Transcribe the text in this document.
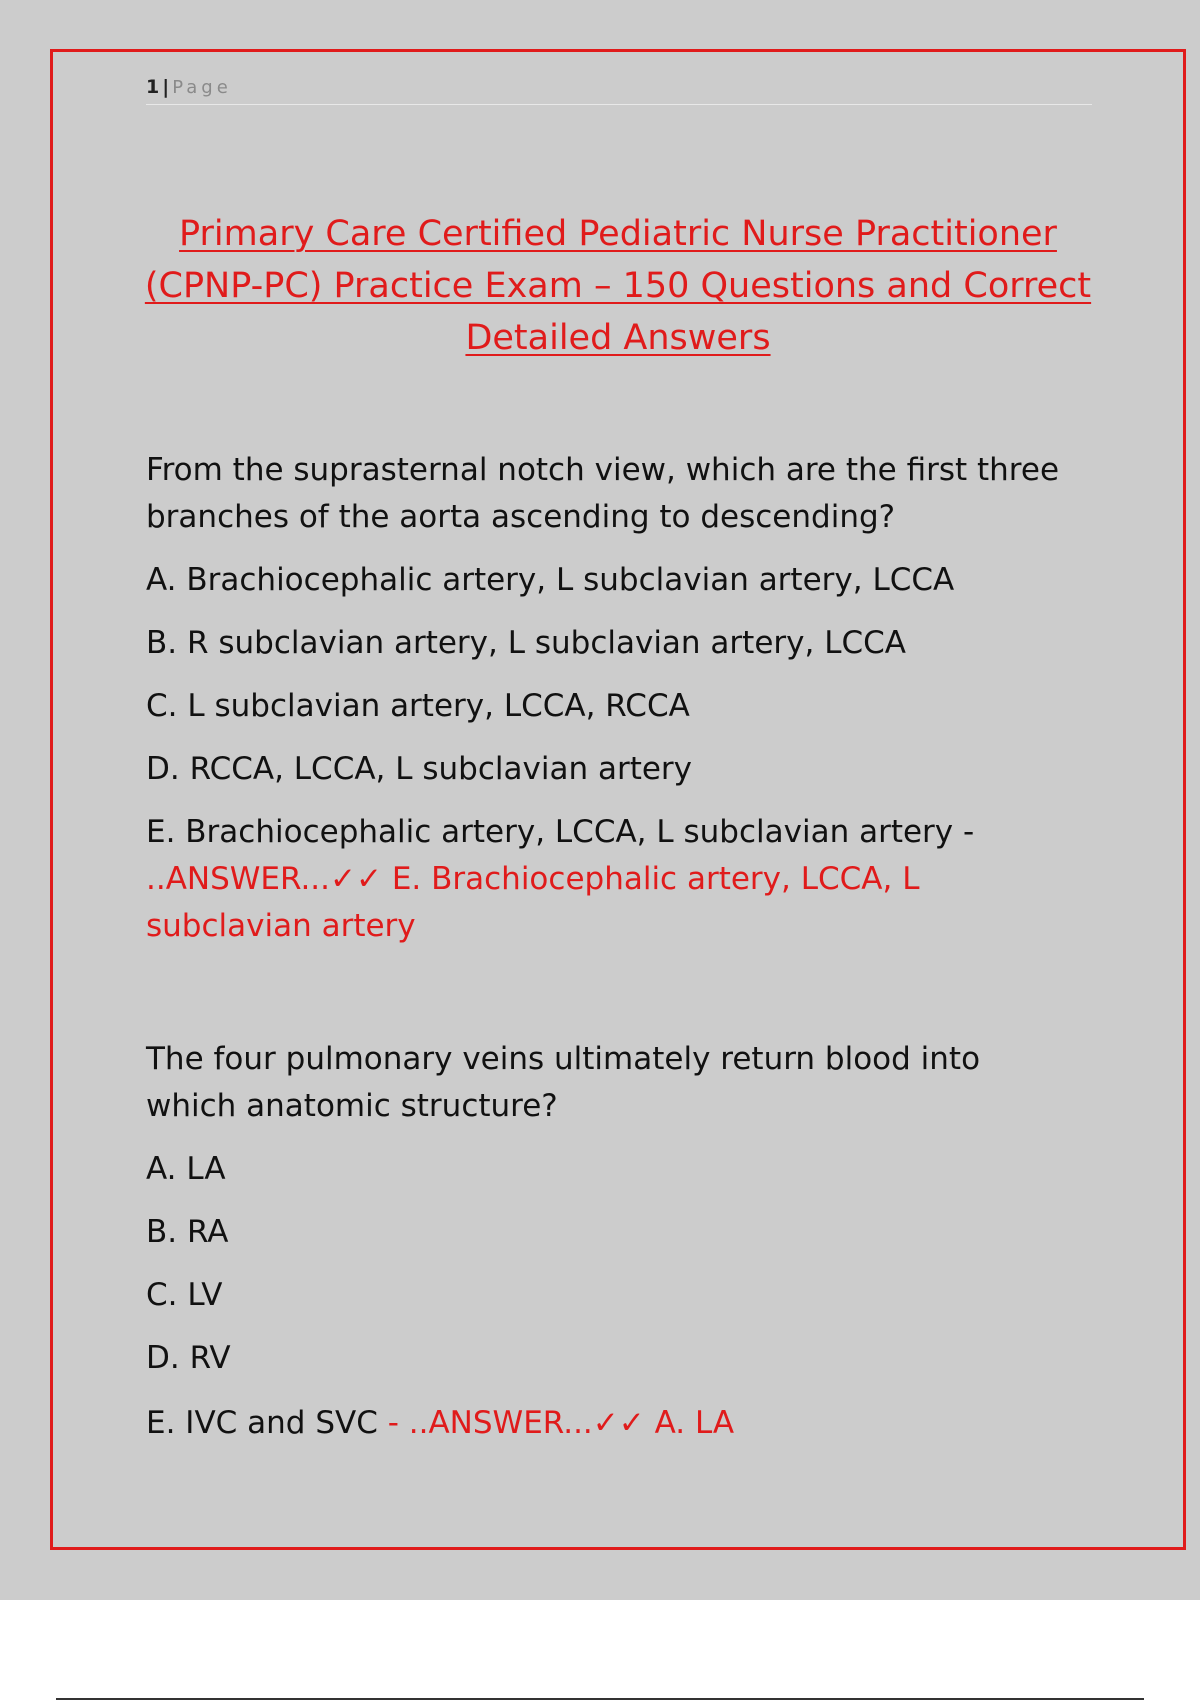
1 | Page
Primary Care Certified Pediatric Nurse Practitioner (CPNP-PC) Practice Exam – 150 Questions and Correct Detailed Answers
From the suprasternal notch view, which are the first three branches of the aorta ascending to descending?
A. Brachiocephalic artery, L subclavian artery, LCCA
B. R subclavian artery, L subclavian artery, LCCA
C. L subclavian artery, LCCA, RCCA
D. RCCA, LCCA, L subclavian artery
E. Brachiocephalic artery, LCCA, L subclavian artery - ..ANSWER...✓✓ E. Brachiocephalic artery, LCCA, L subclavian artery
The four pulmonary veins ultimately return blood into which anatomic structure?
A. LA
B. RA
C. LV
D. RV
E. IVC and SVC - ..ANSWER...✓✓ A. LA
